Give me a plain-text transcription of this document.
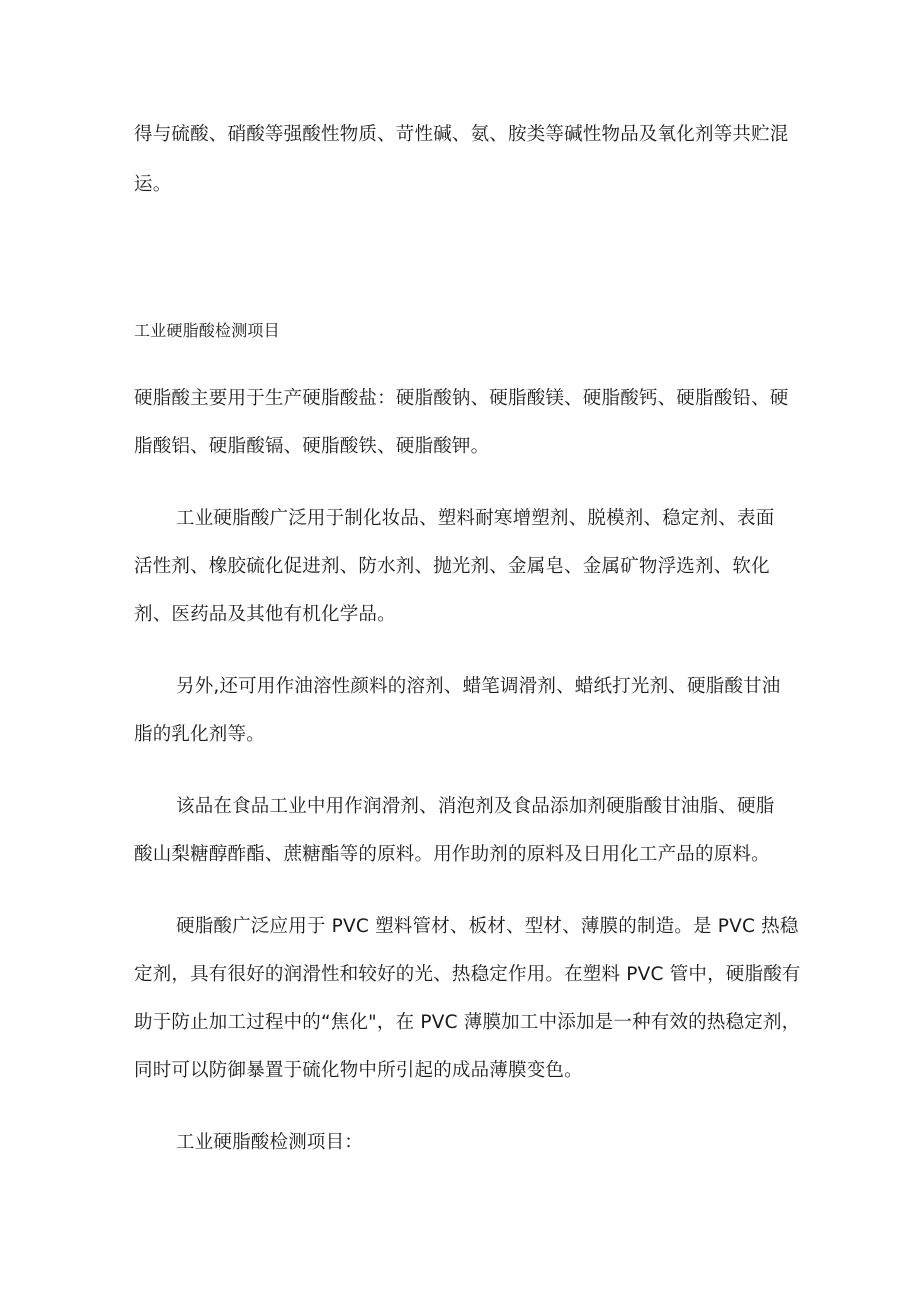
得与硫酸、硝酸等强酸性物质、苛性碱、氨、胺类等碱性物品及氧化剂等共贮混
运。
工业硬脂酸检测项目
硬脂酸主要用于生产硬脂酸盐：硬脂酸钠、硬脂酸镁、硬脂酸钙、硬脂酸铅、硬
脂酸铝、硬脂酸镉、硬脂酸铁、硬脂酸钾。
工业硬脂酸广泛用于制化妆品、塑料耐寒增塑剂、脱模剂、稳定剂、表面
活性剂、橡胶硫化促进剂、防水剂、抛光剂、金属皂、金属矿物浮选剂、软化
剂、医药品及其他有机化学品。
另外,还可用作油溶性颜料的溶剂、蜡笔调滑剂、蜡纸打光剂、硬脂酸甘油
脂的乳化剂等。
该品在食品工业中用作润滑剂、消泡剂及食品添加剂硬脂酸甘油脂、硬脂
酸山梨糖醇酢酯、蔗糖酯等的原料。用作助剂的原料及日用化工产品的原料。
硬脂酸广泛应用于 PVC 塑料管材、板材、型材、薄膜的制造。是 PVC 热稳
定剂，具有很好的润滑性和较好的光、热稳定作用。在塑料 PVC 管中，硬脂酸有
助于防止加工过程中的“焦化"，在 PVC 薄膜加工中添加是一种有效的热稳定剂，
同时可以防御暴置于硫化物中所引起的成品薄膜变色。
工业硬脂酸检测项目：
